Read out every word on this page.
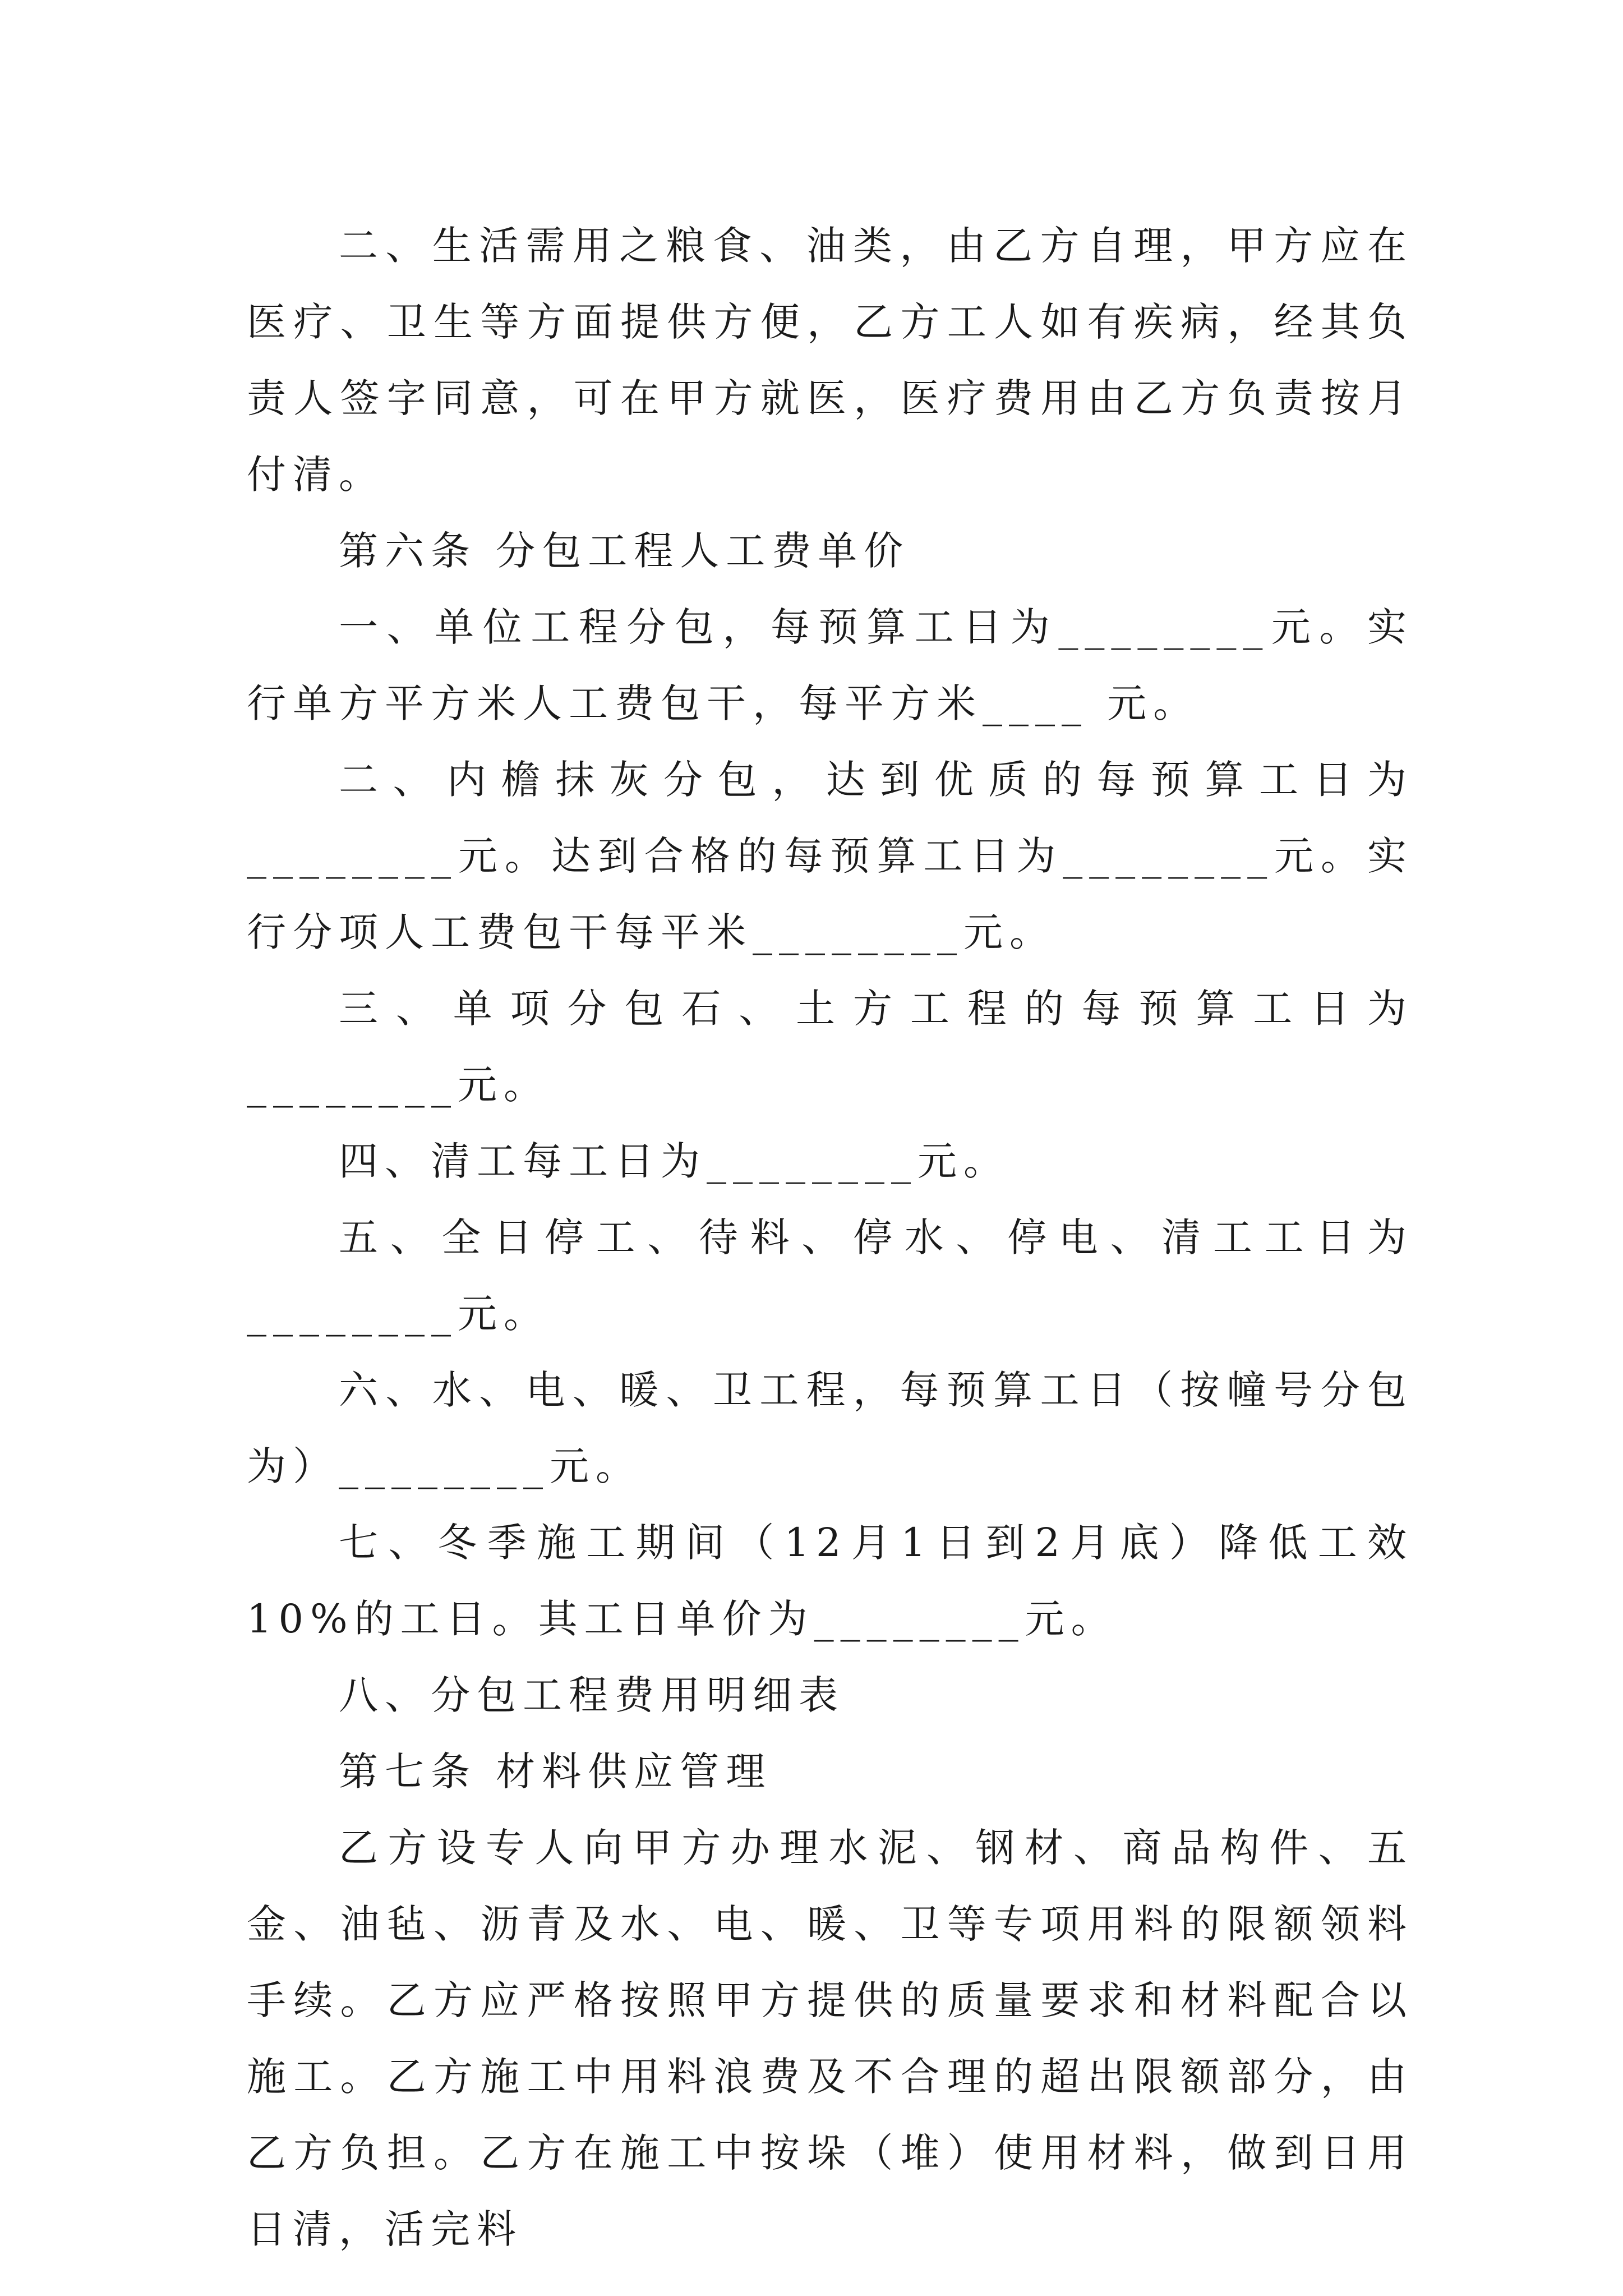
二、生活需用之粮食、油类，由乙方自理，甲方应在医疗、卫生等方面提供方便，乙方工人如有疾病，经其负责人签字同意，可在甲方就医，医疗费用由乙方负责按月付清。

第六条 分包工程人工费单价

一、单位工程分包，每预算工日为________元。实行单方平方米人工费包干，每平方米____ 元。

二、内檐抹灰分包，达到优质的每预算工日为________元。达到合格的每预算工日为________元。实行分项人工费包干每平米________元。

三、单项分包石、土方工程的每预算工日为________元。

四、清工每工日为________元。

五、全日停工、待料、停水、停电、清工工日为________元。

六、水、电、暖、卫工程，每预算工日（按幢号分包为）________元。

七、冬季施工期间（12月1日到2月底）降低工效10%的工日。其工日单价为________元。

八、分包工程费用明细表

第七条 材料供应管理

乙方设专人向甲方办理水泥、钢材、商品构件、五金、油毡、沥青及水、电、暖、卫等专项用料的限额领料手续。乙方应严格按照甲方提供的质量要求和材料配合以施工。乙方施工中用料浪费及不合理的超出限额部分，由乙方负担。乙方在施工中按垛（堆）使用材料，做到日用日清，活完料
